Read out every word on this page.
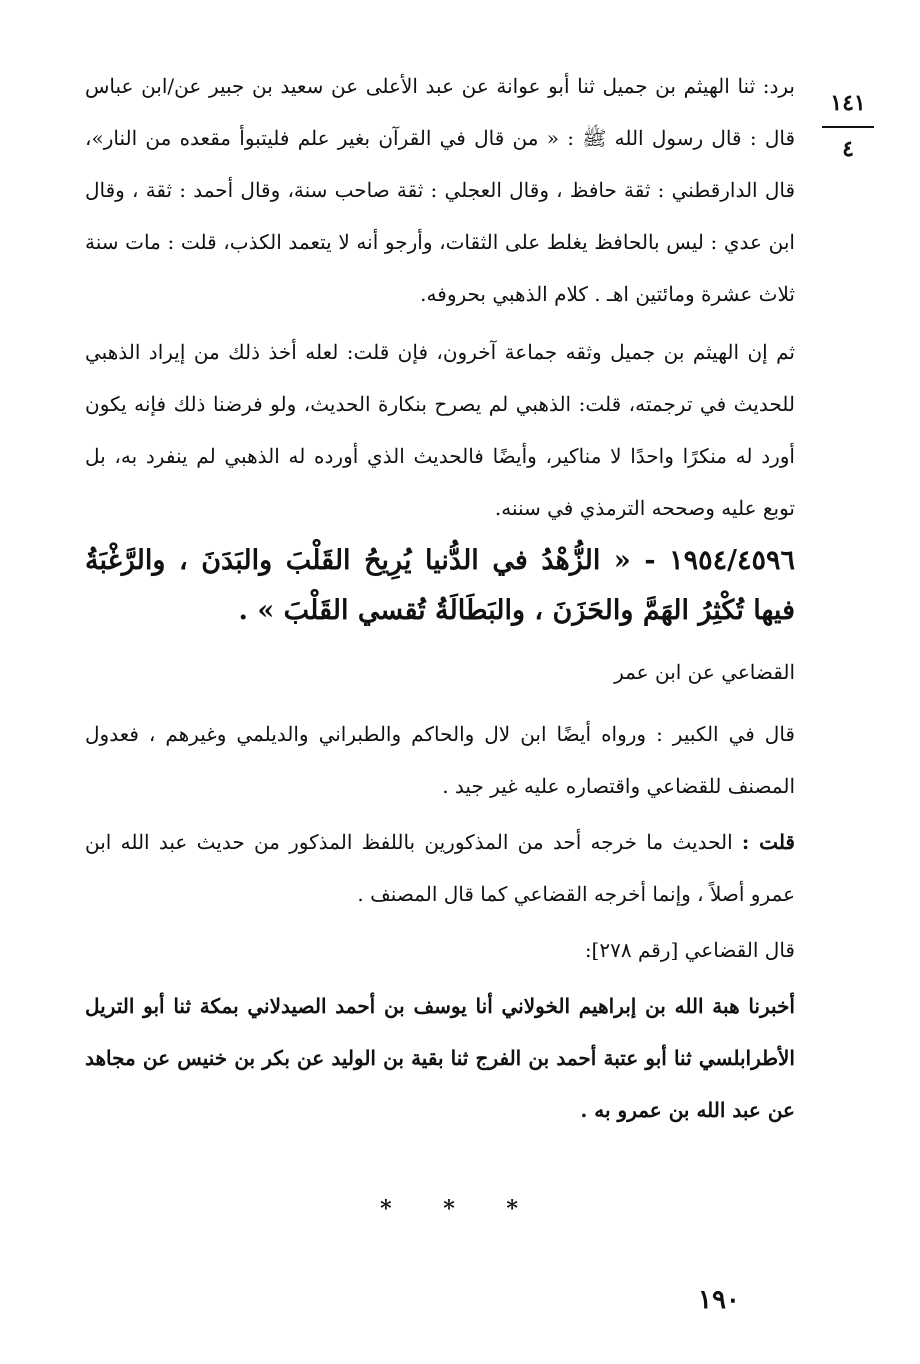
١٤١
٤

برد: ثنا الهيثم بن جميل ثنا أبو عوانة عن عبد الأعلى عن سعيد بن جبير عن/ابن عباس قال : قال رسول الله ﷺ : « من قال في القرآن بغير علم فليتبوأ مقعده من النار»، قال الدارقطني : ثقة حافظ ، وقال العجلي : ثقة صاحب سنة، وقال أحمد : ثقة ، وقال ابن عدي : ليس بالحافظ يغلط على الثقات، وأرجو أنه لا يتعمد الكذب، قلت : مات سنة ثلاث عشرة ومائتين اهـ . كلام الذهبي بحروفه.

ثم إن الهيثم بن جميل وثقه جماعة آخرون، فإن قلت: لعله أخذ ذلك من إيراد الذهبي للحديث في ترجمته، قلت: الذهبي لم يصرح بنكارة الحديث، ولو فرضنا ذلك فإنه يكون أورد له منكرًا واحدًا لا مناكير، وأيضًا فالحديث الذي أورده له الذهبي لم ينفرد به، بل توبع عليه وصححه الترمذي في سننه.

١٩٥٤/٤٥٩٦ - « الزُّهْدُ في الدُّنيا يُرِيحُ القَلْبَ والبَدَنَ ، والرَّغْبَةُ فيها تُكْثِرُ الهَمَّ والحَزَنَ ، والبَطَالَةُ تُقسي القَلْبَ » .

القضاعي عن ابن عمر

قال في الكبير : ورواه أيضًا ابن لال والحاكم والطبراني والديلمي وغيرهم ، فعدول المصنف للقضاعي واقتصاره عليه غير جيد .

قلت : الحديث ما خرجه أحد من المذكورين باللفظ المذكور من حديث عبد الله ابن عمرو أصلاً ، وإنما أخرجه القضاعي كما قال المصنف .

قال القضاعي [رقم ٢٧٨]:

أخبرنا هبة الله بن إبراهيم الخولاني أنا يوسف بن أحمد الصيدلاني بمكة ثنا أبو التريل الأطرابلسي ثنا أبو عتبة أحمد بن الفرج ثنا بقية بن الوليد عن بكر بن خنيس عن مجاهد عن عبد الله بن عمرو به .

* * *
١٩٠
